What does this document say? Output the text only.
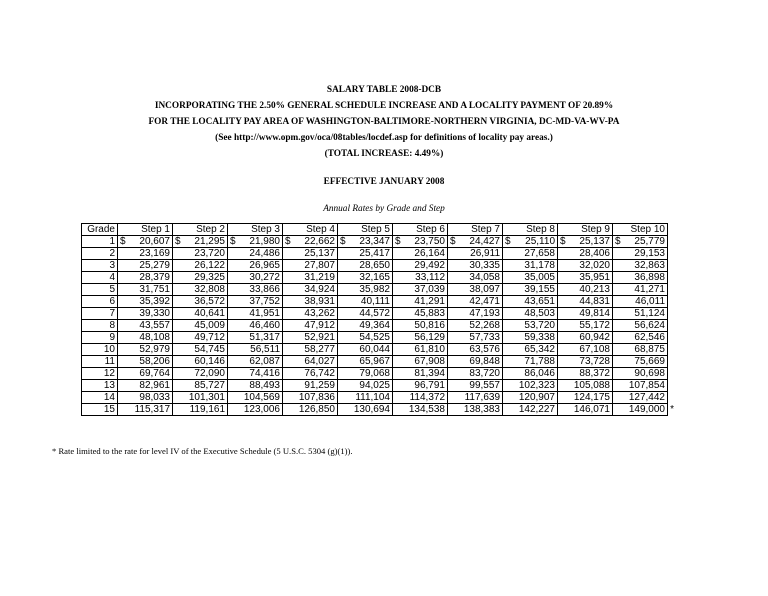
SALARY TABLE 2008-DCB
INCORPORATING THE 2.50% GENERAL SCHEDULE INCREASE AND A LOCALITY PAYMENT OF 20.89%
FOR THE LOCALITY PAY AREA OF WASHINGTON-BALTIMORE-NORTHERN VIRGINIA, DC-MD-VA-WV-PA
(See http://www.opm.gov/oca/08tables/locdef.asp for definitions of locality pay areas.)
(TOTAL INCREASE: 4.49%)
EFFECTIVE JANUARY 2008
Annual Rates by Grade and Step
Grade	Step 1	Step 2	Step 3	Step 4	Step 5	Step 6	Step 7	Step 8	Step 9	Step 10
1	$ 20,607	$ 21,295	$ 21,980	$ 22,662	$ 23,347	$ 23,750	$ 24,427	$ 25,110	$ 25,137	$ 25,779

2	23,169	23,720	24,486	25,137	25,417	26,164	26,911	27,658	28,406	29,153
3	25,279	26,122	26,965	27,807	28,650	29,492	30,335	31,178	32,020	32,863
4	28,379	29,325	30,272	31,219	32,165	33,112	34,058	35,005	35,951	36,898
5	31,751	32,808	33,866	34,924	35,982	37,039	38,097	39,155	40,213	41,271
6	35,392	36,572	37,752	38,931	40,111	41,291	42,471	43,651	44,831	46,011
7	39,330	40,641	41,951	43,262	44,572	45,883	47,193	48,503	49,814	51,124
8	43,557	45,009	46,460	47,912	49,364	50,816	52,268	53,720	55,172	56,624
9	48,108	49,712	51,317	52,921	54,525	56,129	57,733	59,338	60,942	62,546
10	52,979	54,745	56,511	58,277	60,044	61,810	63,576	65,342	67,108	68,875
11	58,206	60,146	62,087	64,027	65,967	67,908	69,848	71,788	73,728	75,669
12	69,764	72,090	74,416	76,742	79,068	81,394	83,720	86,046	88,372	90,698
13	82,961	85,727	88,493	91,259	94,025	96,791	99,557	102,323	105,088	107,854
14	98,033	101,301	104,569	107,836	111,104	114,372	117,639	120,907	124,175	127,442
15	115,317	119,161	123,006	126,850	130,694	134,538	138,383	142,227	146,071	149,000 *
* Rate limited to the rate for level IV of the Executive Schedule (5 U.S.C. 5304 (g)(1)).
